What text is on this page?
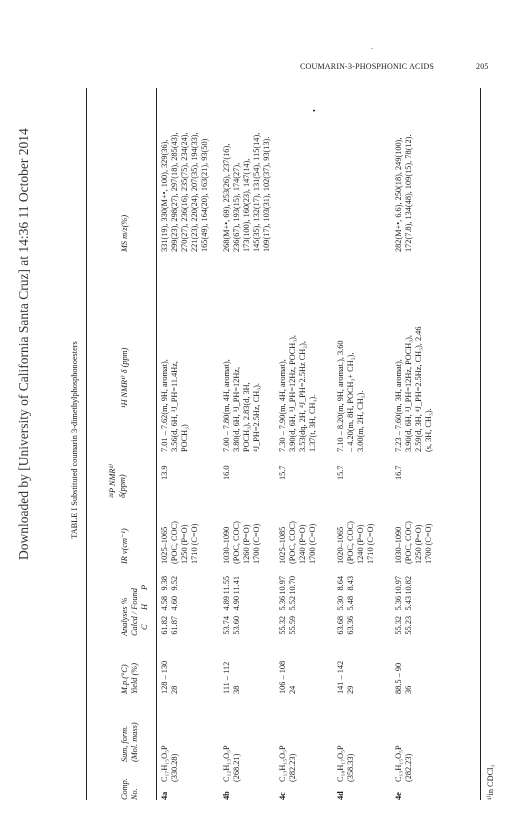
COUMARIN-3-PHOSPHONIC ACIDS	205
Downloaded by [University of California Santa Cruz] at 14:36 11 October 2014	TABLE I Substituted coumarin 3-dimethylphosphonoesters
Comp. No.
Sum, form. (Mol. mass)
M.p.(°C) Yield (%)
Analyses % Calcd / Found C
H
P
IR ν(cm⁻¹)
³¹P NMR¹⁾ δ(ppm)
¹H NMR¹⁾ δ (ppm)
MS m/z(%)
4a
C₁₇H₁₅O₅P (330.28)
128 – 130 28
61.82 61.87
4.58 4.60
9.38 9.52
1025–1065 (POC, COC) 1250 (P=O) 1710 (C=O)
13.9
7.01 – 7.62(m, 9H, aromat), 3.56(d, 6H, ³J_PH=11.4Hz, POCH₃)
331(19), 330(M+•, 100), 329(36), 299(23), 298(27), 297(18), 285(43), 270(27), 236(16), 235(75), 234(24), 221(23), 220(24), 207(35), 194(33), 165(49), 164(20), 163(21), 93(50)
4b
C₁₂H₁₃O₅P (268.21)
111 – 112 38
53.74 53.60
4.89 4.90
11.55 11.41
1030–1090 (POC, COC) 1260 (P=O) 1700 (C=O)
16.0
7.00 – 7.80(m, 4H, aromat), 3.80(d, 6H, ³J_PH=12Hz, POCH₃), 2.83(d, 3H, ⁴J_PH=2.5Hz, CH₃).
268(M+•, 69), 253(26), 237(16), 236(67), 193(15), 174(27), 173(100), 160(23), 147(14), 145(35), 132(17), 131(54), 115(14), 109(17), 103(31), 102(37), 93(13).
4c
C₁₃H₁₅O₅P (282.23)
106 – 108 24
55.32 55.59
5.36 5.52
10.97 10.70
1025–1085 (POC, COC) 1240 (P=O) 1700 (C=O)
15.7
7.30 – 7.90(m, 4H, aromat), 3.90(d, 6H, ³J_PH=12Hz, POCH₃), 3.53(dq, 2H, ⁴J_PH=2.5Hz CH₂), 1.37(t, 3H, CH₃).
4d
C₁₈H₁₇O₅P (358.33)
141 – 142 29
63.68 63.36
5.30 5.48
8.64 8.43
1020–1065 (POC, COC) 1240 (P=O) 1710 (C=O)
15.7
7.10 – 8.20(m, 9H, aromat.), 3.60 – 4.20(m, 8H, POCH₃+ CH₂), 3.00(m, 2H, CH₂).
4e
C₁₃H₁₅O₅P (282.23)
88.5 – 90 36
55.32 55.23
5.36 5.43
10.97 10.82
1030–1090 (POC, COC) 1250 (P=O) 1700 (C=O)
16.7
7.23 – 7.60(m, 3H, aromat), 3.90(d, 6H, ³J_PH=12Hz, POCH₃), 2.59(d, 3H, ⁴J_PH=2.5Hz, CH₃), 2.46 (s, 3H, CH₃).
282(M+•, 6.6), 250(18), 249(100), 172(7.8), 134(48), 109(15), 78(12).
•
·
¹⁾in CDCl₃
